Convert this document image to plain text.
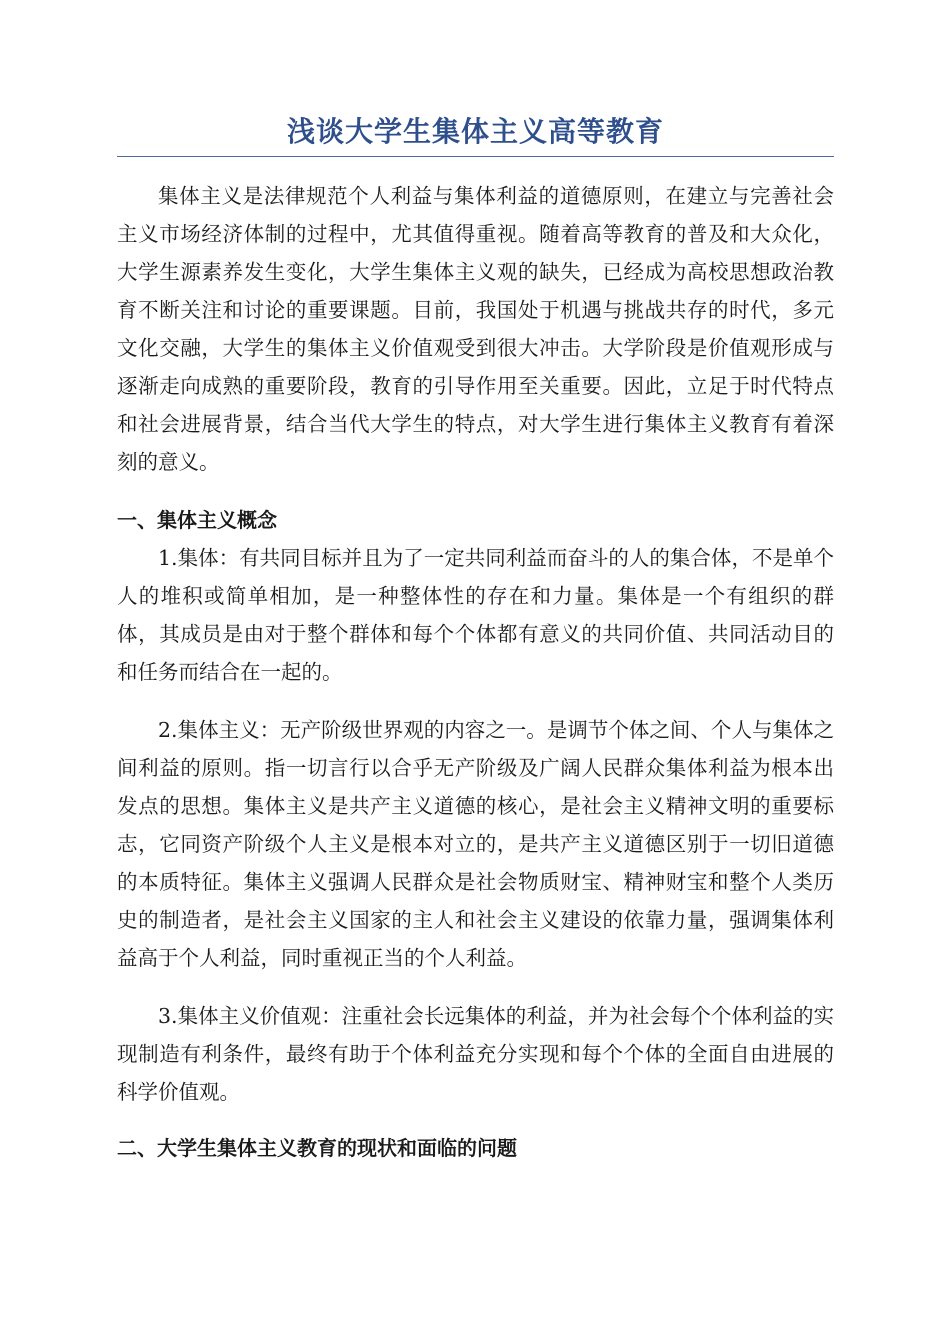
浅谈大学生集体主义高等教育

集体主义是法律规范个人利益与集体利益的道德原则，在建立与完善社会主义市场经济体制的过程中，尤其值得重视。随着高等教育的普及和大众化，大学生源素养发生变化，大学生集体主义观的缺失，已经成为高校思想政治教育不断关注和讨论的重要课题。目前，我国处于机遇与挑战共存的时代，多元文化交融，大学生的集体主义价值观受到很大冲击。大学阶段是价值观形成与逐渐走向成熟的重要阶段，教育的引导作用至关重要。因此，立足于时代特点和社会进展背景，结合当代大学生的特点，对大学生进行集体主义教育有着深刻的意义。

一、集体主义概念

1.集体：有共同目标并且为了一定共同利益而奋斗的人的集合体，不是单个人的堆积或简单相加，是一种整体性的存在和力量。集体是一个有组织的群体，其成员是由对于整个群体和每个个体都有意义的共同价值、共同活动目的和任务而结合在一起的。

2.集体主义：无产阶级世界观的内容之一。是调节个体之间、个人与集体之间利益的原则。指一切言行以合乎无产阶级及广阔人民群众集体利益为根本出发点的思想。集体主义是共产主义道德的核心，是社会主义精神文明的重要标志，它同资产阶级个人主义是根本对立的，是共产主义道德区别于一切旧道德的本质特征。集体主义强调人民群众是社会物质财宝、精神财宝和整个人类历史的制造者，是社会主义国家的主人和社会主义建设的依靠力量，强调集体利益高于个人利益，同时重视正当的个人利益。

3.集体主义价值观：注重社会长远集体的利益，并为社会每个个体利益的实现制造有利条件，最终有助于个体利益充分实现和每个个体的全面自由进展的科学价值观。

二、大学生集体主义教育的现状和面临的问题
